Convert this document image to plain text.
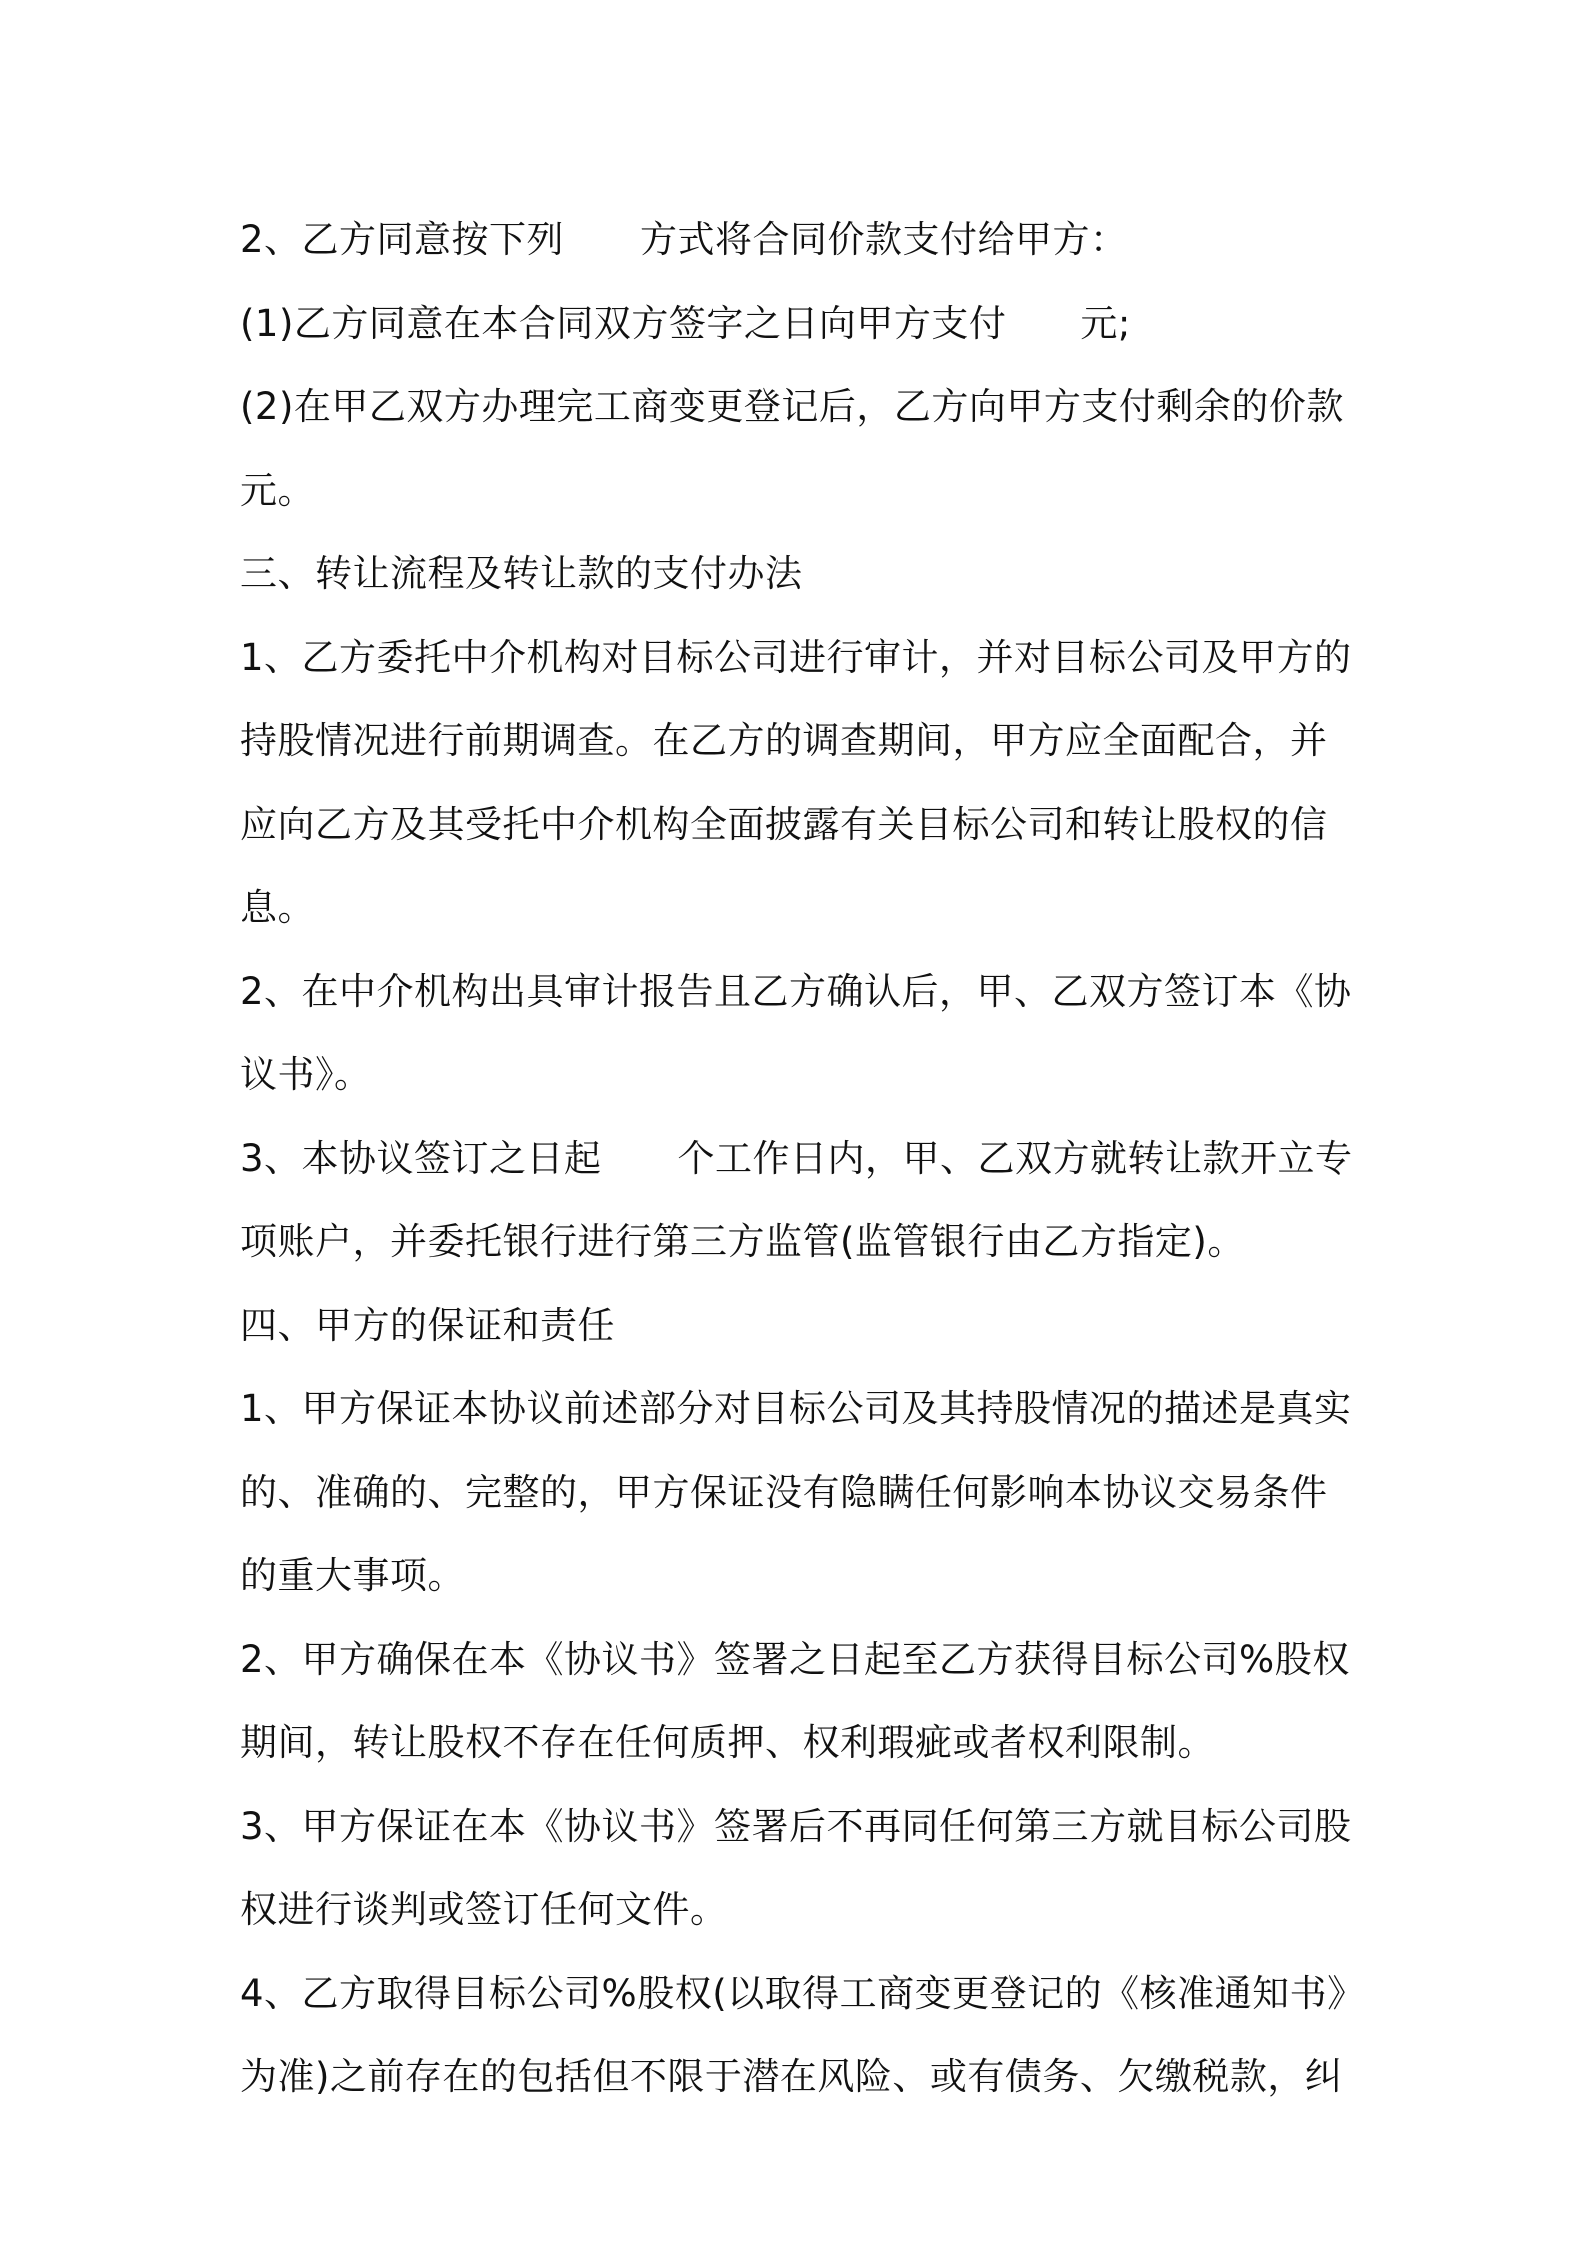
2、乙方同意按下列 方式将合同价款支付给甲方：

(1)乙方同意在本合同双方签字之日向甲方支付 元;

(2)在甲乙双方办理完工商变更登记后，乙方向甲方支付剩余的价款元。

三、转让流程及转让款的支付办法

1、乙方委托中介机构对目标公司进行审计，并对目标公司及甲方的持股情况进行前期调查。在乙方的调查期间，甲方应全面配合，并应向乙方及其受托中介机构全面披露有关目标公司和转让股权的信息。

2、在中介机构出具审计报告且乙方确认后，甲、乙双方签订本《协议书》。

3、本协议签订之日起 个工作日内，甲、乙双方就转让款开立专项账户，并委托银行进行第三方监管(监管银行由乙方指定)。

四、甲方的保证和责任

1、甲方保证本协议前述部分对目标公司及其持股情况的描述是真实的、准确的、完整的，甲方保证没有隐瞒任何影响本协议交易条件的重大事项。

2、甲方确保在本《协议书》签署之日起至乙方获得目标公司%股权期间，转让股权不存在任何质押、权利瑕疵或者权利限制。

3、甲方保证在本《协议书》签署后不再同任何第三方就目标公司股权进行谈判或签订任何文件。

4、乙方取得目标公司%股权(以取得工商变更登记的《核准通知书》为准)之前存在的包括但不限于潜在风险、或有债务、欠缴税款，纠
